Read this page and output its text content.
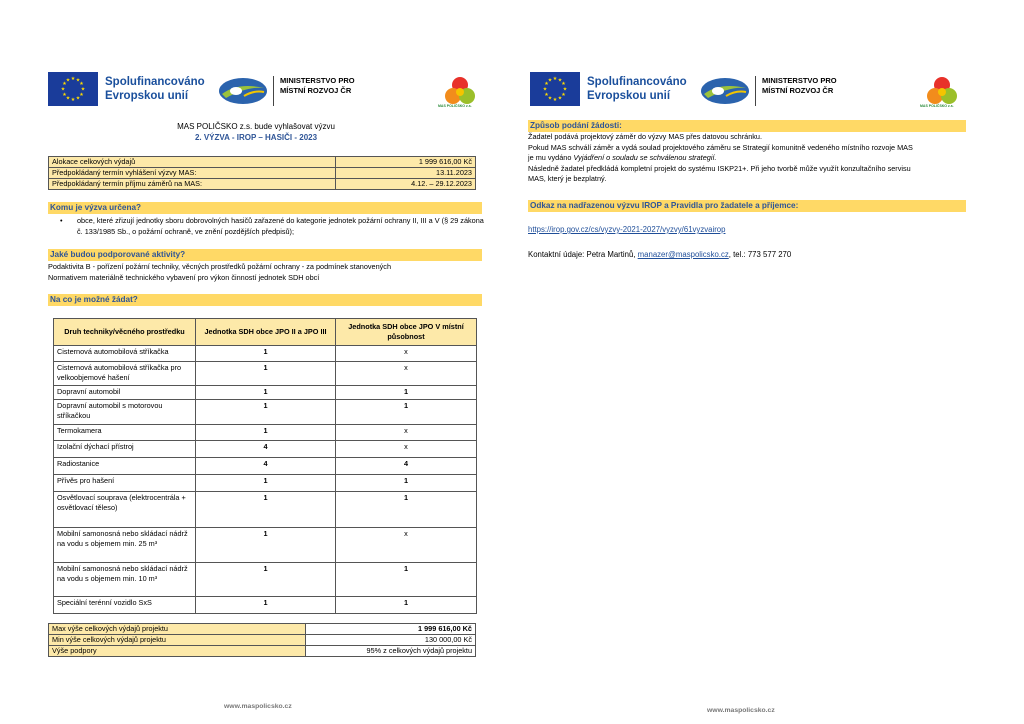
★ ★
★
★
★
★
★
★
★
★
★
★	Spolufinancováno Evropskou unií
MINISTERSTVO PRO MÍSTNÍ ROZVOJ ČR
MAS POLIČSKO z.s.
MAS POLIČSKO z.s. bude vyhlašovat výzvu
2. VÝZVA - IROP – HASIČI - 2023
Alokace celkových výdajů	1 999 616,00 Kč
Předpokládaný termín vyhlášení výzvy MAS:	13.11.2023
Předpokládaný termín příjmu záměrů na MAS:	4.12. – 29.12.2023
Komu je výzva určena?
• obce, které zřizují jednotky sboru dobrovolných hasičů zařazené do kategorie jednotek požární ochrany II, III a V (§ 29 zákona č. 133/1985 Sb., o požární ochraně, ve znění pozdějších předpisů);
Jaké budou podporované aktivity?
Podaktivita B - pořízení požární techniky, věcných prostředků požární ochrany - za podmínek stanovených
Normativem materiálně technického vybavení pro výkon činností jednotek SDH obcí
Na co je možné žádat?
Druh techniky/věcného prostředku	Jednotka SDH obce JPO II a JPO III	Jednotka SDH obce JPO V místní působnost
Cisternová automobilová stříkačka	1	x
Cisternová automobilová stříkačka pro velkoobjemové hašení	1	x
Dopravní automobil	1	1
Dopravní automobil s motorovou stříkačkou	1	1
Termokamera	1	x
Izolační dýchací přístroj	4	x
Radiostanice	4	4
Přívěs pro hašení	1	1
Osvětlovací souprava (elektrocentrála + osvětlovací těleso)	1	1
Mobilní samonosná nebo skládací nádrž na vodu s objemem min. 25 m³	1	x
Mobilní samonosná nebo skládací nádrž na vodu s objemem min. 10 m³	1	1
Speciální terénní vozidlo SxS	1	1
Max výše celkových výdajů projektu	1 999 616,00 Kč
Min výše celkových výdajů projektu	130 000,00 Kč
Výše podpory	95% z celkových výdajů projektu
www.maspolicsko.cz
★ ★
★
★
★
★
★
★
★
★
★
★	Spolufinancováno Evropskou unií
MINISTERSTVO PRO MÍSTNÍ ROZVOJ ČR
MAS POLIČSKO z.s.
Způsob podání žádosti:
Žadatel podává projektový záměr do výzvy MAS přes datovou schránku.
Pokud MAS schválí záměr a vydá soulad projektového záměru se Strategií komunitně vedeného místního rozvoje MAS
je mu vydáno Vyjádření o souladu se schválenou strategií.
Následně žadatel předkládá kompletní projekt do systému ISKP21+. Při jeho tvorbě může využít konzultačního servisu
MAS, který je bezplatný.
Odkaz na nadřazenou výzvu IROP a Pravidla pro žadatele a příjemce:
https://irop.gov.cz/cs/vyzvy-2021-2027/vyzvy/61vyzvairop
Kontaktní údaje: Petra Martinů, manazer@maspolicsko.cz, tel.: 773 577 270
www.maspolicsko.cz
